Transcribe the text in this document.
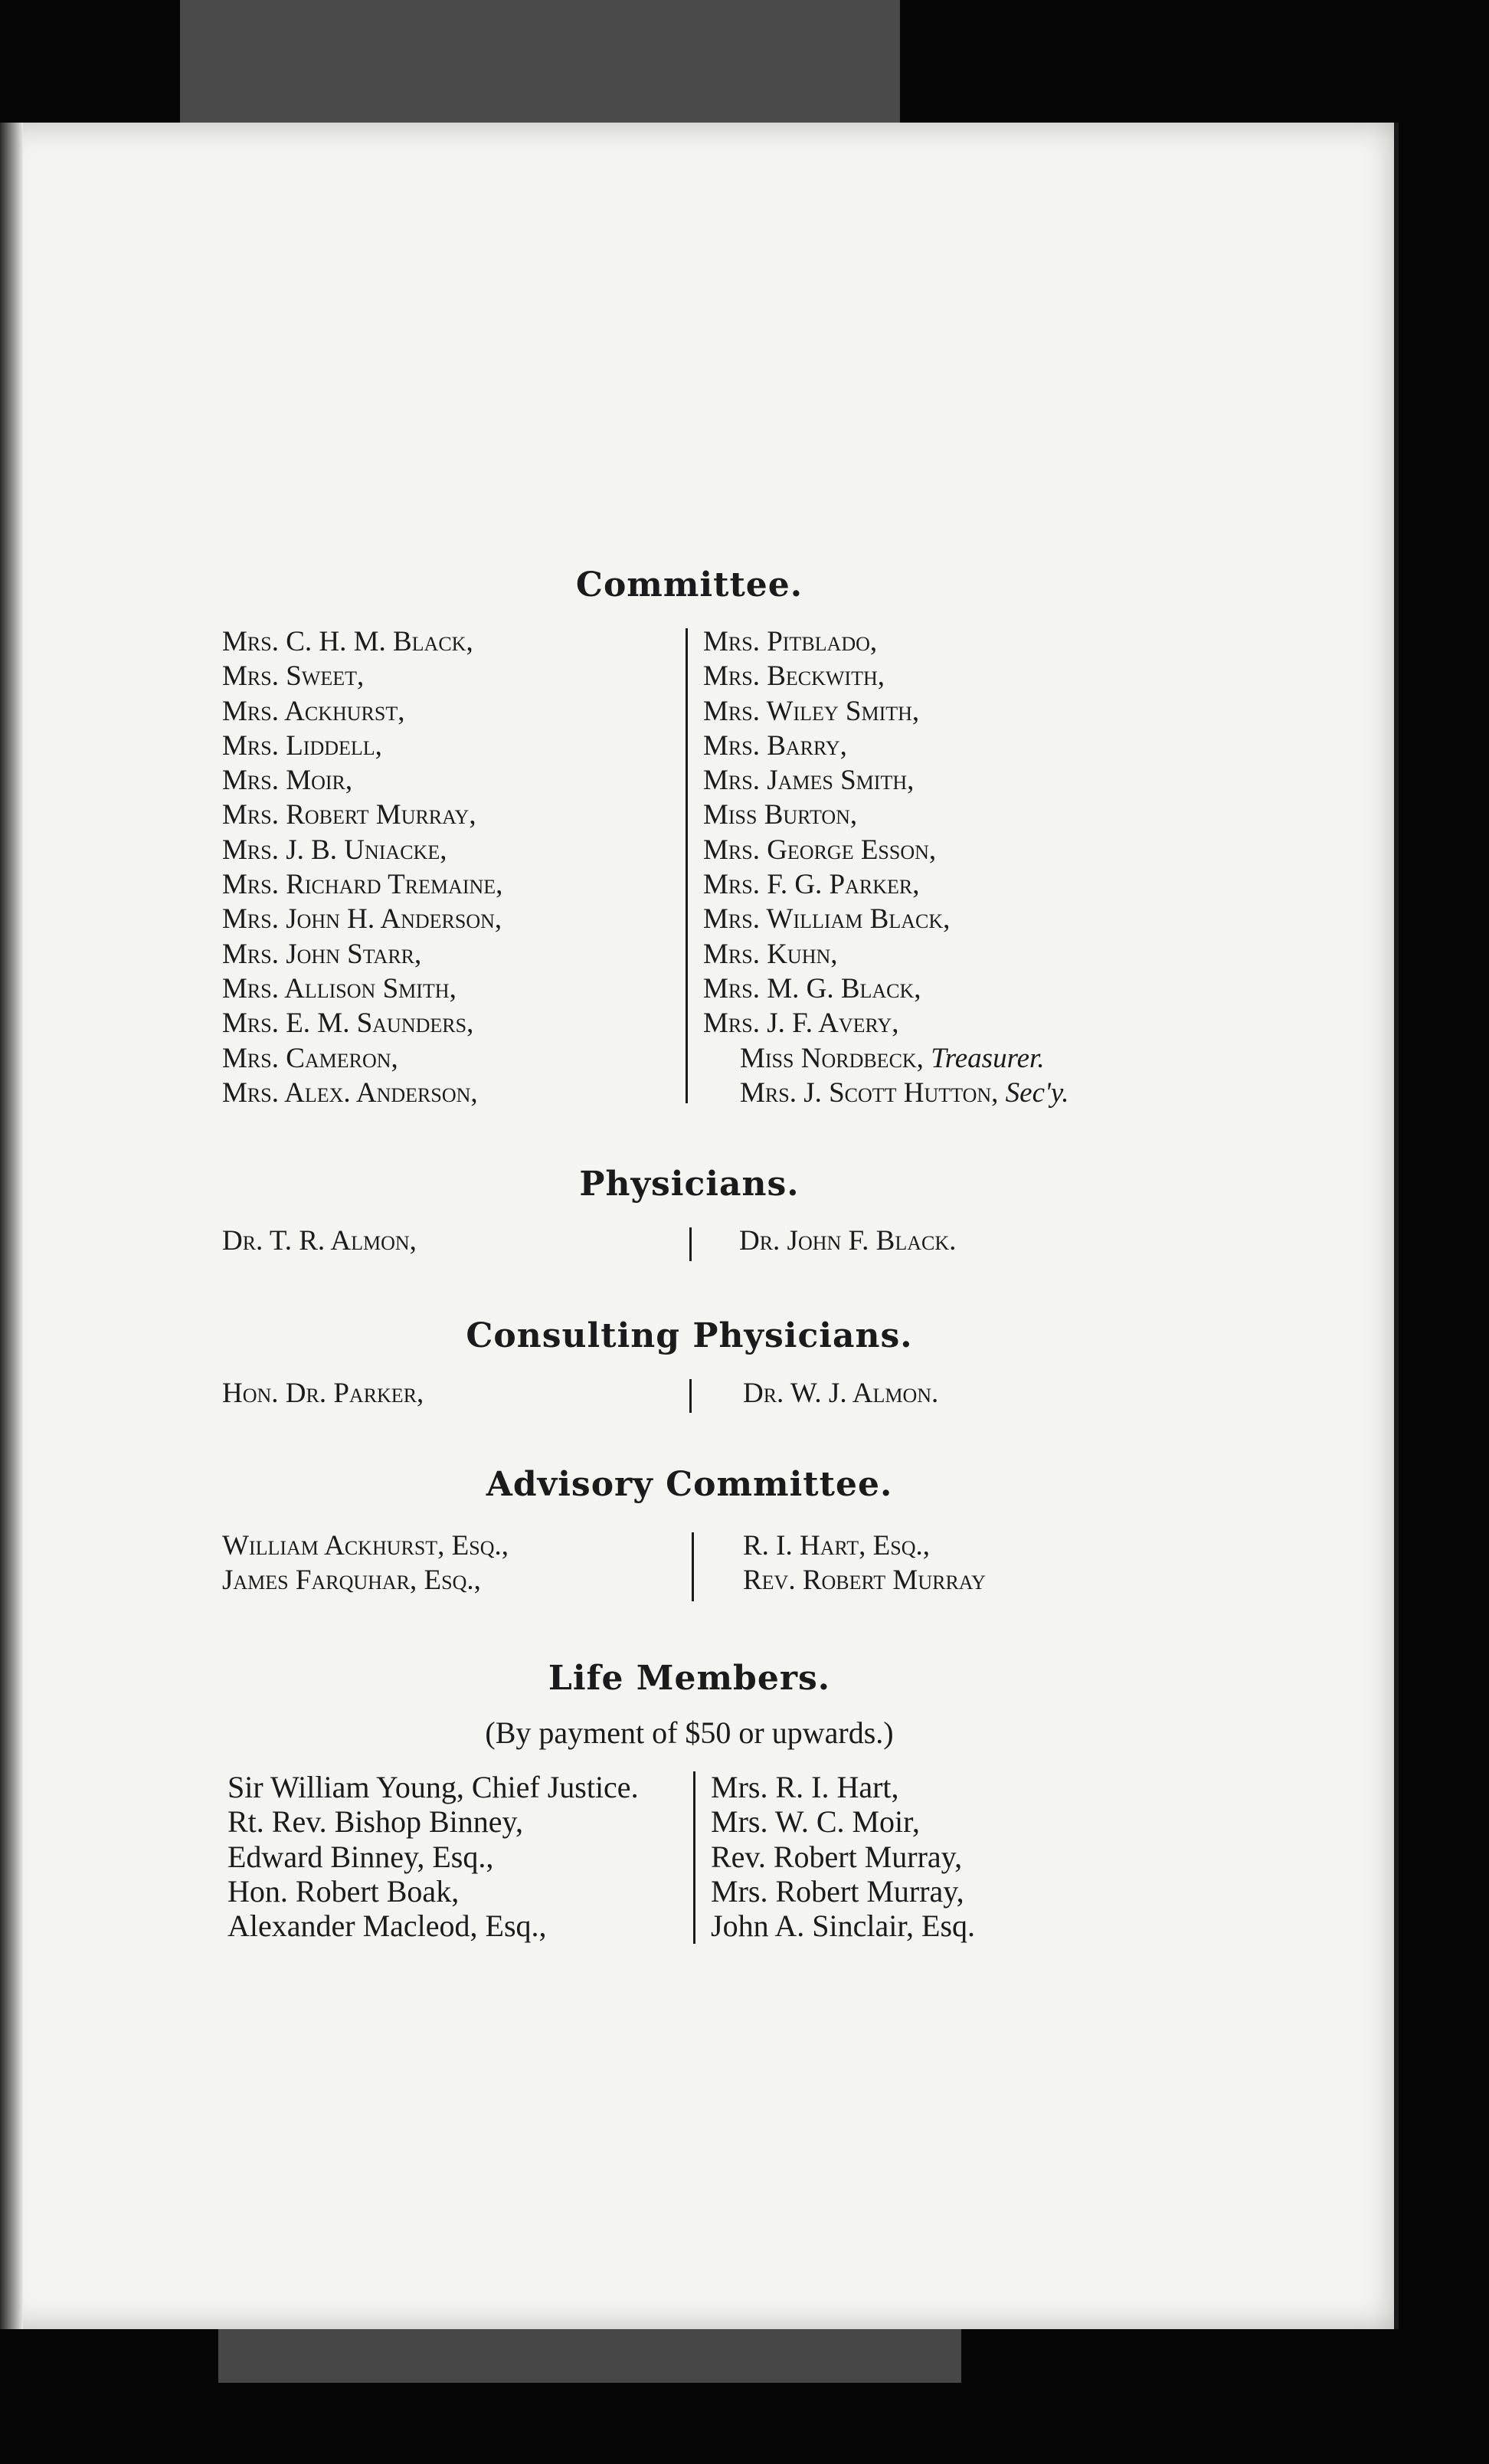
Committee.
Mrs. C. H. M. Black,
Mrs. Sweet,
Mrs. Ackhurst,
Mrs. Liddell,
Mrs. Moir,
Mrs. Robert Murray,
Mrs. J. B. Uniacke,
Mrs. Richard Tremaine,
Mrs. John H. Anderson,
Mrs. John Starr,
Mrs. Allison Smith,
Mrs. E. M. Saunders,
Mrs. Cameron,
Mrs. Alex. Anderson,
Mrs. Pitblado,
Mrs. Beckwith,
Mrs. Wiley Smith,
Mrs. Barry,
Mrs. James Smith,
Miss Burton,
Mrs. George Esson,
Mrs. F. G. Parker,
Mrs. William Black,
Mrs. Kuhn,
Mrs. M. G. Black,
Mrs. J. F. Avery,
Miss Nordbeck, Treasurer.
Mrs. J. Scott Hutton, Sec'y.
Physicians.
Dr. T. R. Almon,	Dr. John F. Black.
Consulting Physicians.
Hon. Dr. Parker,	Dr. W. J. Almon.
Advisory Committee.
William Ackhurst, Esq.,
James Farquhar, Esq.,
R. I. Hart, Esq.,
Rev. Robert Murray
Life Members.
(By payment of $50 or upwards.)
Sir William Young, Chief Justice.
Rt. Rev. Bishop Binney,
Edward Binney, Esq.,
Hon. Robert Boak,
Alexander Macleod, Esq.,
Mrs. R. I. Hart,
Mrs. W. C. Moir,
Rev. Robert Murray,
Mrs. Robert Murray,
John A. Sinclair, Esq.
